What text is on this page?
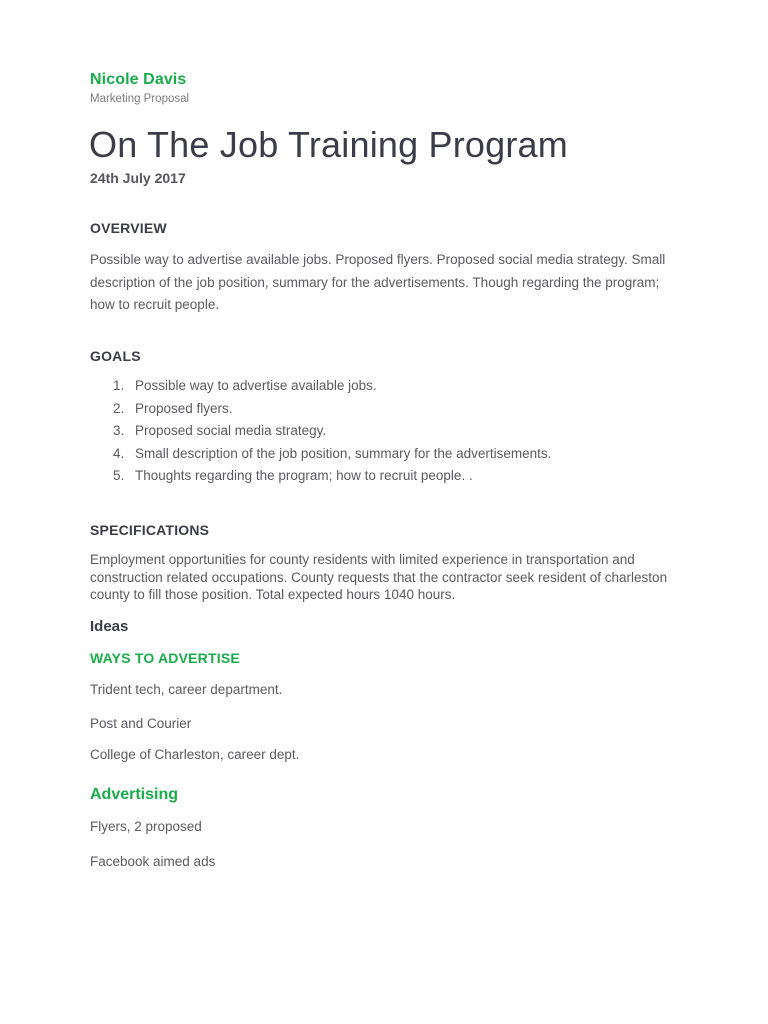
Nicole Davis
Marketing Proposal
On The Job Training Program
24th July 2017
OVERVIEW
Possible way to advertise available jobs. Proposed flyers. Proposed social media strategy. Small description of the job position, summary for the advertisements. Though regarding the program; how to recruit people.
GOALS
1. Possible way to advertise available jobs.
2. Proposed flyers.
3. Proposed social media strategy.
4. Small description of the job position, summary for the advertisements.
5. Thoughts regarding the program; how to recruit people. .
SPECIFICATIONS
Employment opportunities for county residents with limited experience in transportation and construction related occupations. County requests that the contractor seek resident of charleston county to fill those position. Total expected hours 1040 hours.
Ideas
WAYS TO ADVERTISE
Trident tech, career department.
Post and Courier
College of Charleston, career dept.
Advertising
Flyers, 2 proposed
Facebook aimed ads
